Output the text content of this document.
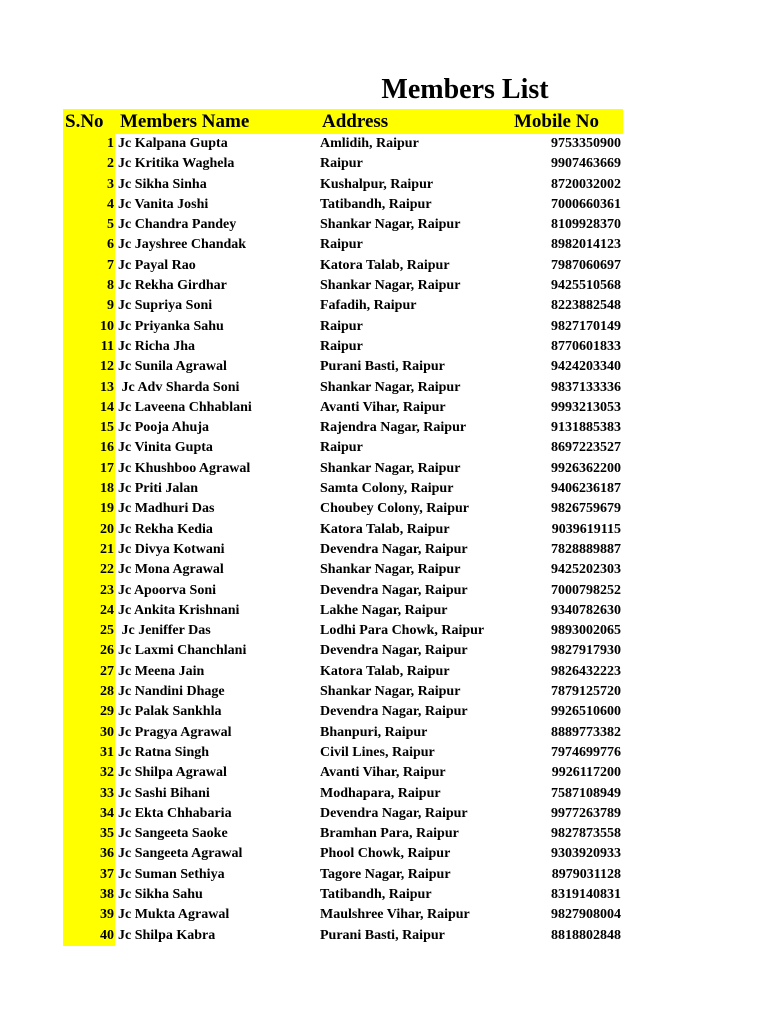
Members List
S.No Members Name	Address	Mobile No
1 Jc Kalpana Gupta	Amlidih, Raipur	9753350900
2 Jc Kritika Waghela	Raipur	9907463669
3 Jc Sikha Sinha	Kushalpur, Raipur	8720032002
4 Jc Vanita Joshi	Tatibandh, Raipur	7000660361
5 Jc Chandra Pandey	Shankar Nagar, Raipur	8109928370
6 Jc Jayshree Chandak	Raipur	8982014123
7 Jc Payal Rao	Katora Talab, Raipur	7987060697
8 Jc Rekha Girdhar	Shankar Nagar, Raipur	9425510568
9 Jc Supriya Soni	Fafadih, Raipur	8223882548
10 Jc Priyanka Sahu	Raipur	9827170149
11 Jc Richa Jha	Raipur	8770601833
12 Jc Sunila Agrawal	Purani Basti, Raipur	9424203340
13 Jc Adv Sharda Soni	Shankar Nagar, Raipur	9837133336
14 Jc Laveena Chhablani	Avanti Vihar, Raipur	9993213053
15 Jc Pooja Ahuja	Rajendra Nagar, Raipur	9131885383
16 Jc Vinita Gupta	Raipur	8697223527
17 Jc Khushboo Agrawal	Shankar Nagar, Raipur	9926362200
18 Jc Priti Jalan	Samta Colony, Raipur	9406236187
19 Jc Madhuri Das	Choubey Colony, Raipur	9826759679
20 Jc Rekha Kedia	Katora Talab, Raipur	9039619115
21 Jc Divya Kotwani	Devendra Nagar, Raipur	7828889887
22 Jc Mona Agrawal	Shankar Nagar, Raipur	9425202303
23 Jc Apoorva Soni	Devendra Nagar, Raipur	7000798252
24 Jc Ankita Krishnani	Lakhe Nagar, Raipur	9340782630
25 Jc Jeniffer Das	Lodhi Para Chowk, Raipur	9893002065
26 Jc Laxmi Chanchlani	Devendra Nagar, Raipur	9827917930
27 Jc Meena Jain	Katora Talab, Raipur	9826432223
28 Jc Nandini Dhage	Shankar Nagar, Raipur	7879125720
29 Jc Palak Sankhla	Devendra Nagar, Raipur	9926510600
30 Jc Pragya Agrawal	Bhanpuri, Raipur	8889773382
31 Jc Ratna Singh	Civil Lines, Raipur	7974699776
32 Jc Shilpa Agrawal	Avanti Vihar, Raipur	9926117200
33 Jc Sashi Bihani	Modhapara, Raipur	7587108949
34 Jc Ekta Chhabaria	Devendra Nagar, Raipur	9977263789
35 Jc Sangeeta Saoke	Bramhan Para, Raipur	9827873558
36 Jc Sangeeta Agrawal	Phool Chowk, Raipur	9303920933
37 Jc Suman Sethiya	Tagore Nagar, Raipur	8979031128
38 Jc Sikha Sahu	Tatibandh, Raipur	8319140831
39 Jc Mukta Agrawal	Maulshree Vihar, Raipur	9827908004
40 Jc Shilpa Kabra	Purani Basti, Raipur	8818802848
